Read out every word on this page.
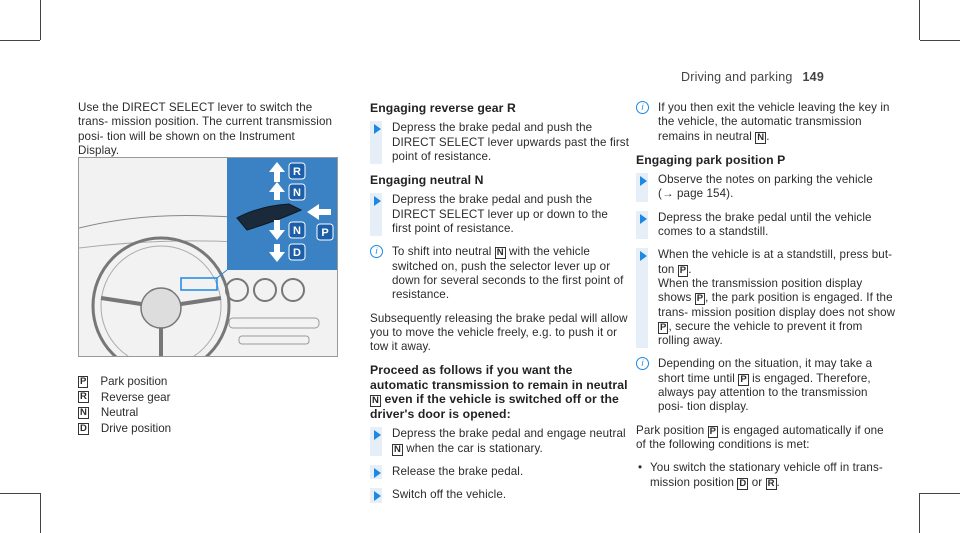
Driving and parking 149

Use the DIRECT SELECT lever to switch the trans- mission position. The current transmission posi- tion will be shown on the Instrument Display.

R
N
N P
D
P Park position
R Reverse gear
N Neutral
D Drive position
Engaging reverse gear R
Depress the brake pedal and push the DIRECT SELECT lever upwards past the first point of resistance.
Engaging neutral N
Depress the brake pedal and push the DIRECT SELECT lever up or down to the first point of resistance.
i	To shift into neutral N with the vehicle switched on, push the selector lever up or down for several seconds to the first point of resistance.

Subsequently releasing the brake pedal will allow you to move the vehicle freely, e.g. to push it or tow it away.

Proceed as follows if you want the automatic transmission to remain in neutral N even if the vehicle is switched off or the driver's door is opened:
Depress the brake pedal and engage neutral N when the car is stationary.
Release the brake pedal.
Switch off the vehicle.
i	If you then exit the vehicle leaving the key in the vehicle, the automatic transmission remains in neutral N .
Engaging park position P
Observe the notes on parking the vehicle
(→ page 154).
Depress the brake pedal until the vehicle comes to a standstill.
When the vehicle is at a standstill, press but- ton P .
When the transmission position display shows P , the park position is engaged. If the trans- mission position display does not show P , secure the vehicle to prevent it from rolling away.
i	Depending on the situation, it may take a short time until P is engaged. Therefore, always pay attention to the transmission posi- tion display.

Park position P is engaged automatically if one of the following conditions is met:

• You switch the stationary vehicle off in trans- mission position D or R .
